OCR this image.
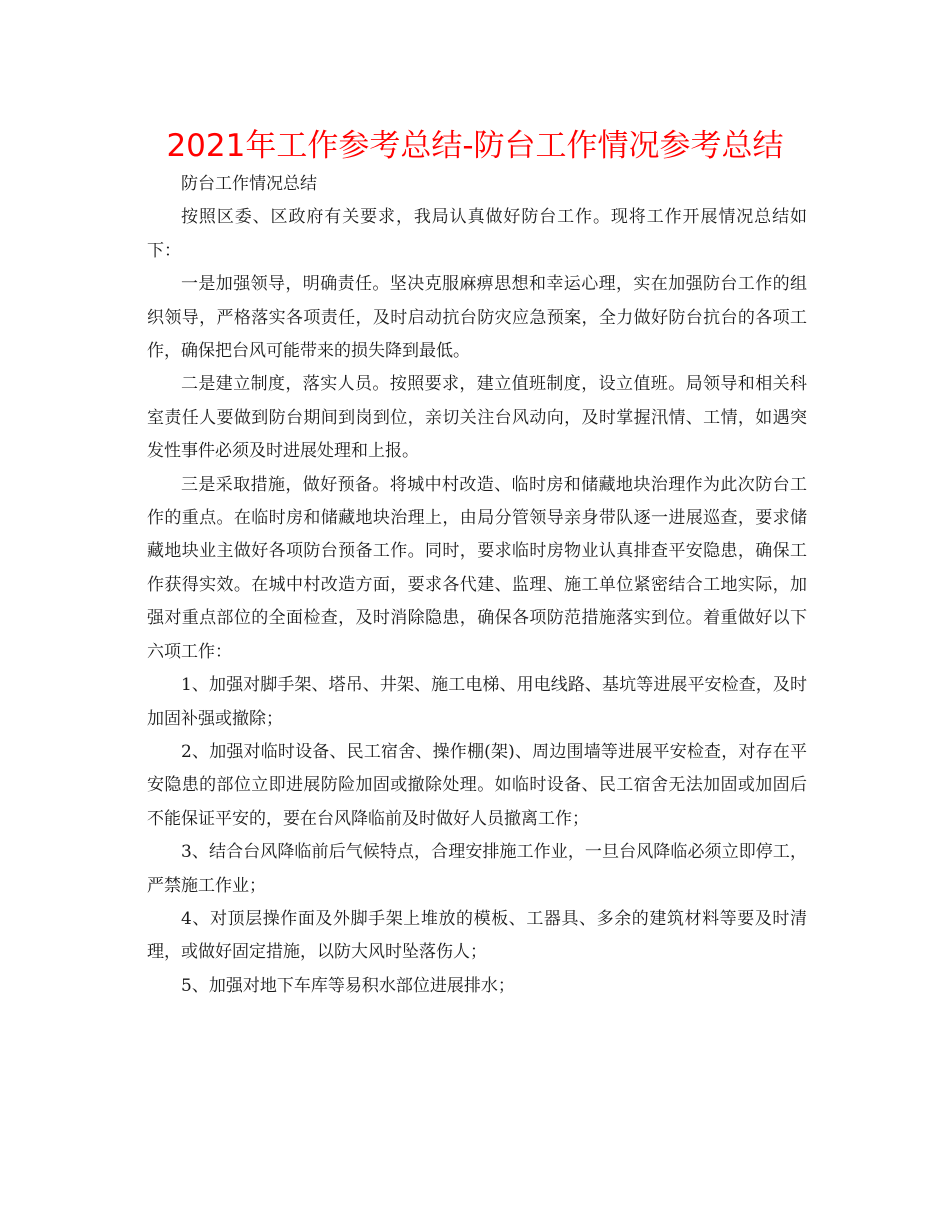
2021年工作参考总结-防台工作情况参考总结

防台工作情况总结

按照区委、区政府有关要求，我局认真做好防台工作。现将工作开展情况总结如下：

一是加强领导，明确责任。坚决克服麻痹思想和幸运心理，实在加强防台工作的组织领导，严格落实各项责任，及时启动抗台防灾应急预案，全力做好防台抗台的各项工作，确保把台风可能带来的损失降到最低。

二是建立制度，落实人员。按照要求，建立值班制度，设立值班。局领导和相关科室责任人要做到防台期间到岗到位，亲切关注台风动向，及时掌握汛情、工情，如遇突发性事件必须及时进展处理和上报。

三是采取措施，做好预备。将城中村改造、临时房和储藏地块治理作为此次防台工作的重点。在临时房和储藏地块治理上，由局分管领导亲身带队逐一进展巡查，要求储藏地块业主做好各项防台预备工作。同时，要求临时房物业认真排查平安隐患，确保工作获得实效。在城中村改造方面，要求各代建、监理、施工单位紧密结合工地实际，加强对重点部位的全面检查，及时消除隐患，确保各项防范措施落实到位。着重做好以下六项工作：

1、加强对脚手架、塔吊、井架、施工电梯、用电线路、基坑等进展平安检查，及时加固补强或撤除；

2、加强对临时设备、民工宿舍、操作棚(架)、周边围墙等进展平安检查，对存在平安隐患的部位立即进展防险加固或撤除处理。如临时设备、民工宿舍无法加固或加固后不能保证平安的，要在台风降临前及时做好人员撤离工作；

3、结合台风降临前后气候特点，合理安排施工作业，一旦台风降临必须立即停工，严禁施工作业；

4、对顶层操作面及外脚手架上堆放的模板、工器具、多余的建筑材料等要及时清理，或做好固定措施，以防大风时坠落伤人；

5、加强对地下车库等易积水部位进展排水；
